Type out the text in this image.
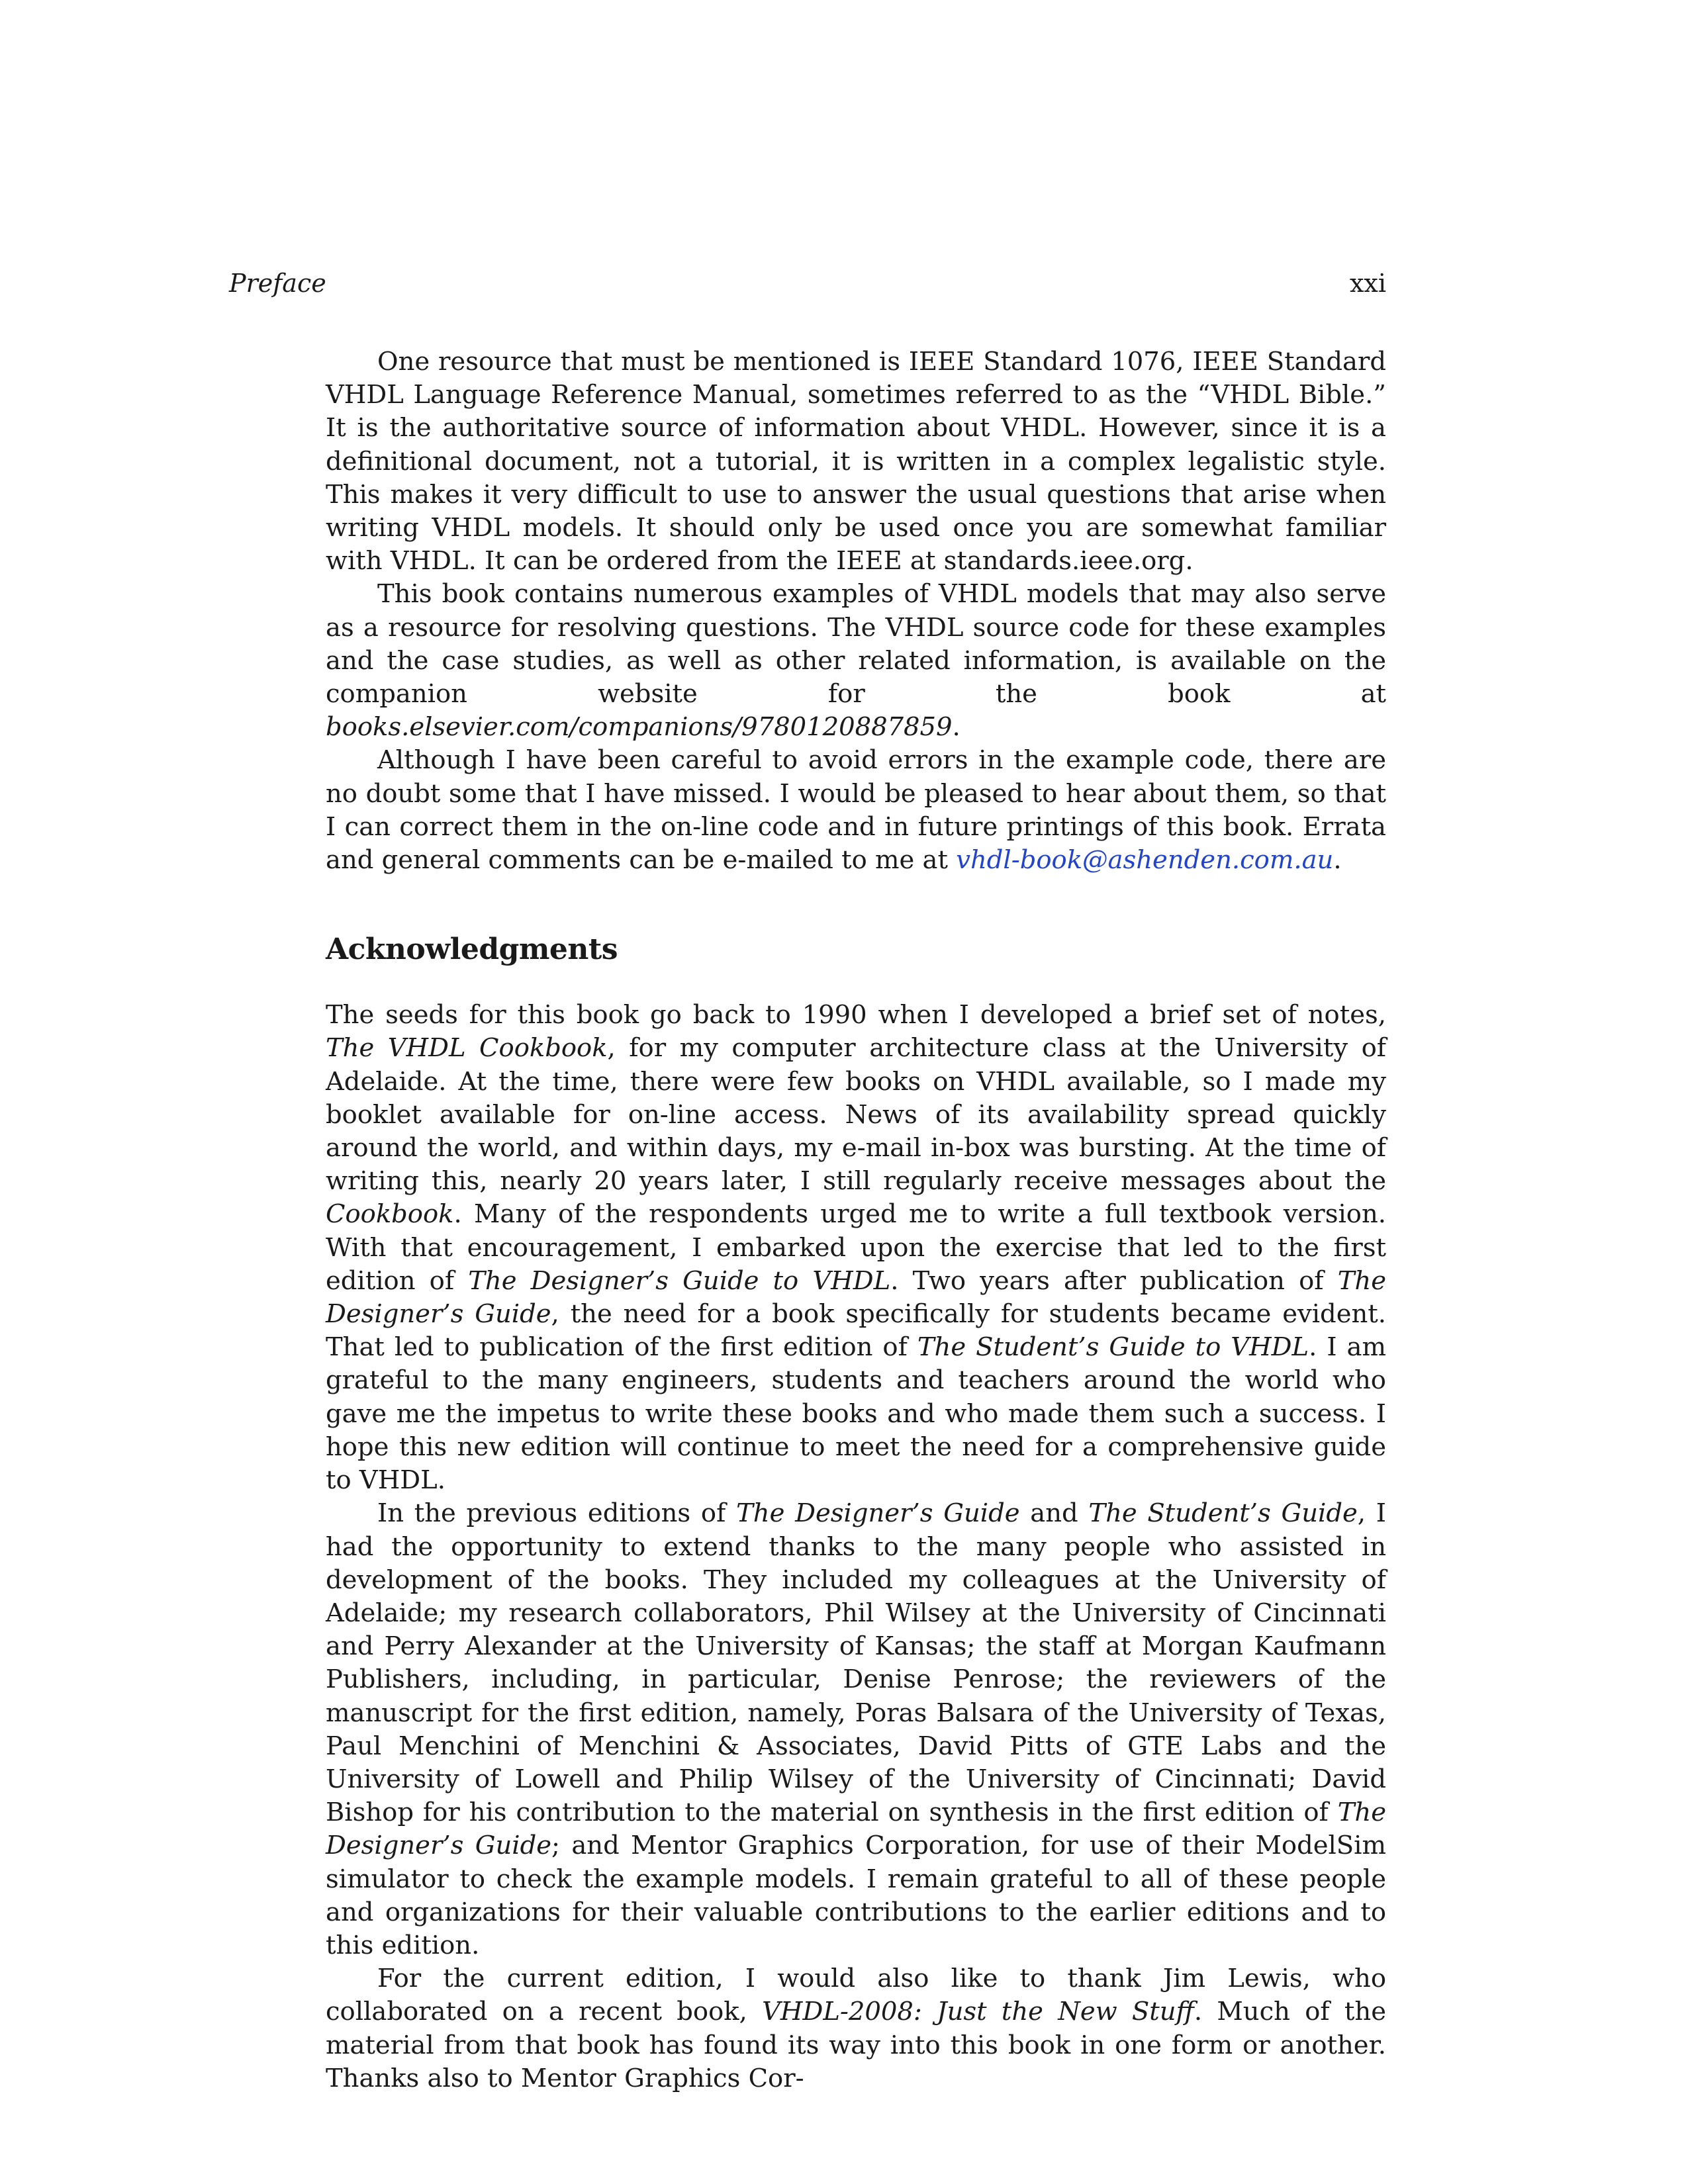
Preface	xxi

One resource that must be mentioned is IEEE Standard 1076, IEEE Standard VHDL Language Reference Manual, sometimes referred to as the “VHDL Bible.” It is the authoritative source of information about VHDL. However, since it is a definitional document, not a tutorial, it is written in a complex legalistic style. This makes it very difficult to use to answer the usual questions that arise when writing VHDL models. It should only be used once you are somewhat familiar with VHDL. It can be ordered from the IEEE at standards.ieee.org.

This book contains numerous examples of VHDL models that may also serve as a resource for resolving questions. The VHDL source code for these examples and the case studies, as well as other related information, is available on the companion website for the book at books.elsevier.com/companions/9780120887859.

Although I have been careful to avoid errors in the example code, there are no doubt some that I have missed. I would be pleased to hear about them, so that I can correct them in the on-line code and in future printings of this book. Errata and general comments can be e-mailed to me at vhdl-book@ashenden.com.au.

Acknowledgments

The seeds for this book go back to 1990 when I developed a brief set of notes, The VHDL Cookbook, for my computer architecture class at the University of Adelaide. At the time, there were few books on VHDL available, so I made my booklet available for on-line access. News of its availability spread quickly around the world, and within days, my e-mail in-box was bursting. At the time of writing this, nearly 20 years later, I still regularly receive messages about the Cookbook. Many of the respondents urged me to write a full textbook version. With that encouragement, I embarked upon the exercise that led to the first edition of The Designer’s Guide to VHDL. Two years after publication of The Designer’s Guide, the need for a book specifically for students became evident. That led to publication of the first edition of The Student’s Guide to VHDL. I am grateful to the many engineers, students and teachers around the world who gave me the impetus to write these books and who made them such a success. I hope this new edition will continue to meet the need for a comprehensive guide to VHDL.

In the previous editions of The Designer’s Guide and The Student’s Guide, I had the opportunity to extend thanks to the many people who assisted in development of the books. They included my colleagues at the University of Adelaide; my research collaborators, Phil Wilsey at the University of Cincinnati and Perry Alexander at the University of Kansas; the staff at Morgan Kaufmann Publishers, including, in particular, Denise Penrose; the reviewers of the manuscript for the first edition, namely, Poras Balsara of the University of Texas, Paul Menchini of Menchini & Associates, David Pitts of GTE Labs and the University of Lowell and Philip Wilsey of the University of Cincinnati; David Bishop for his contribution to the material on synthesis in the first edition of The Designer’s Guide; and Mentor Graphics Corporation, for use of their ModelSim simulator to check the example models. I remain grateful to all of these people and organizations for their valuable contributions to the earlier editions and to this edition.

For the current edition, I would also like to thank Jim Lewis, who collaborated on a recent book, VHDL-2008: Just the New Stuff. Much of the material from that book has found its way into this book in one form or another. Thanks also to Mentor Graphics Cor-
